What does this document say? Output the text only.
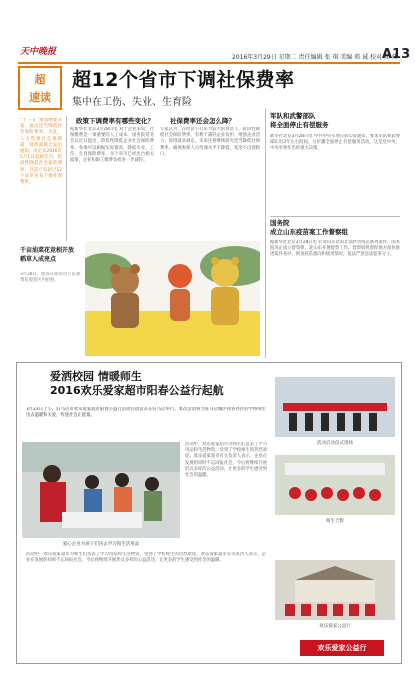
天中晚报
2016年3月29日 星期二 责任编辑 张 琪 美编 邢 诚 校对 郑 伟
A13
超
速读
超12个省市下调社保费率
集中在工伤、失业、生育险
“十三五”规划纲要草案，提出适当降低社会保险费率。为此，人力资源社会保障部、财政部联合发出通知，决定从2016年5月1日起两年内，阶段性降低社会保险费率。目前已有超过12个省市宣布下调社保费率。
政策下调费率有哪些变化？
据新华社北京3月28日电 对于企业来说，社保缴费是一项重要的人工成本。国务院常务会议近日提出，阶段性降低企业社会保险费率，各地可以根据实际情况，降低失业、工伤、生育保险费率。多个省市已经出台相关政策，企业和职工缴费负担进一步减轻。
社保费率还会怎么降？
专家认为，在经济下行压力较大的背景下，阶段性降低社会保险费率，有利于减轻企业负担、增强企业活力、促进就业稳定。未来还将继续研究适当降低社保费率，确保参保人员待遇水平不降低、基金不出现缺口。
军队和武警部队
将全面停止有偿服务
新华社北京3月28日电 中共中央军委日前印发通知，要求军队和武警部队用3年左右时间，分步骤全面停止有偿服务活动。这是党中央、中央军委作出的重大决策。
国务院
成立山东疫苗案工作督察组
据新华社北京3月28日电 针对山东济南非法经营疫苗系列案件，国务院决定成立督察组，赴山东开展督察工作。督察组将督促地方加快推进案件查办，彻查疫苗流向和使用情况，依法严惩违法犯罪分子。
千亩油菜花竞相开放 稻草人成亮点
3月28日，游客在淮滨县万亩油菜花观赏区内拍照。
爱洒校园 情暖师生
2016欢乐爱家超市阳春公益行起航
3月23日上午，驻马店市欢乐爱家超市阳春公益行活动启动仪式在驻马店举行。本次活动将为驻马店城区和各县区的学校师生送去温暖和关爱，传递社会正能量。
爱心企业为孩子们送去学习和生活用品
活动中，欢乐爱家超市为师生们送去了学习用品和生活物资，受到了学校师生的热烈欢迎。欢乐爱家超市有关负责人表示，企业在发展的同时不忘回报社会，今后将继续开展形式多样的公益活动，让更多的学生感受到社会的温暖。
活动中，欢乐爱家超市为师生们送去了学习用品和生活物资，受到了学校师生的热烈欢迎。欢乐爱家超市有关负责人表示，企业在发展的同时不忘回报社会，今后将继续开展形式多样的公益活动，让更多的学生感受到社会的温暖。
活动启动仪式现场
师生合影
欢乐爱家公益行
欢乐爱家公益行
